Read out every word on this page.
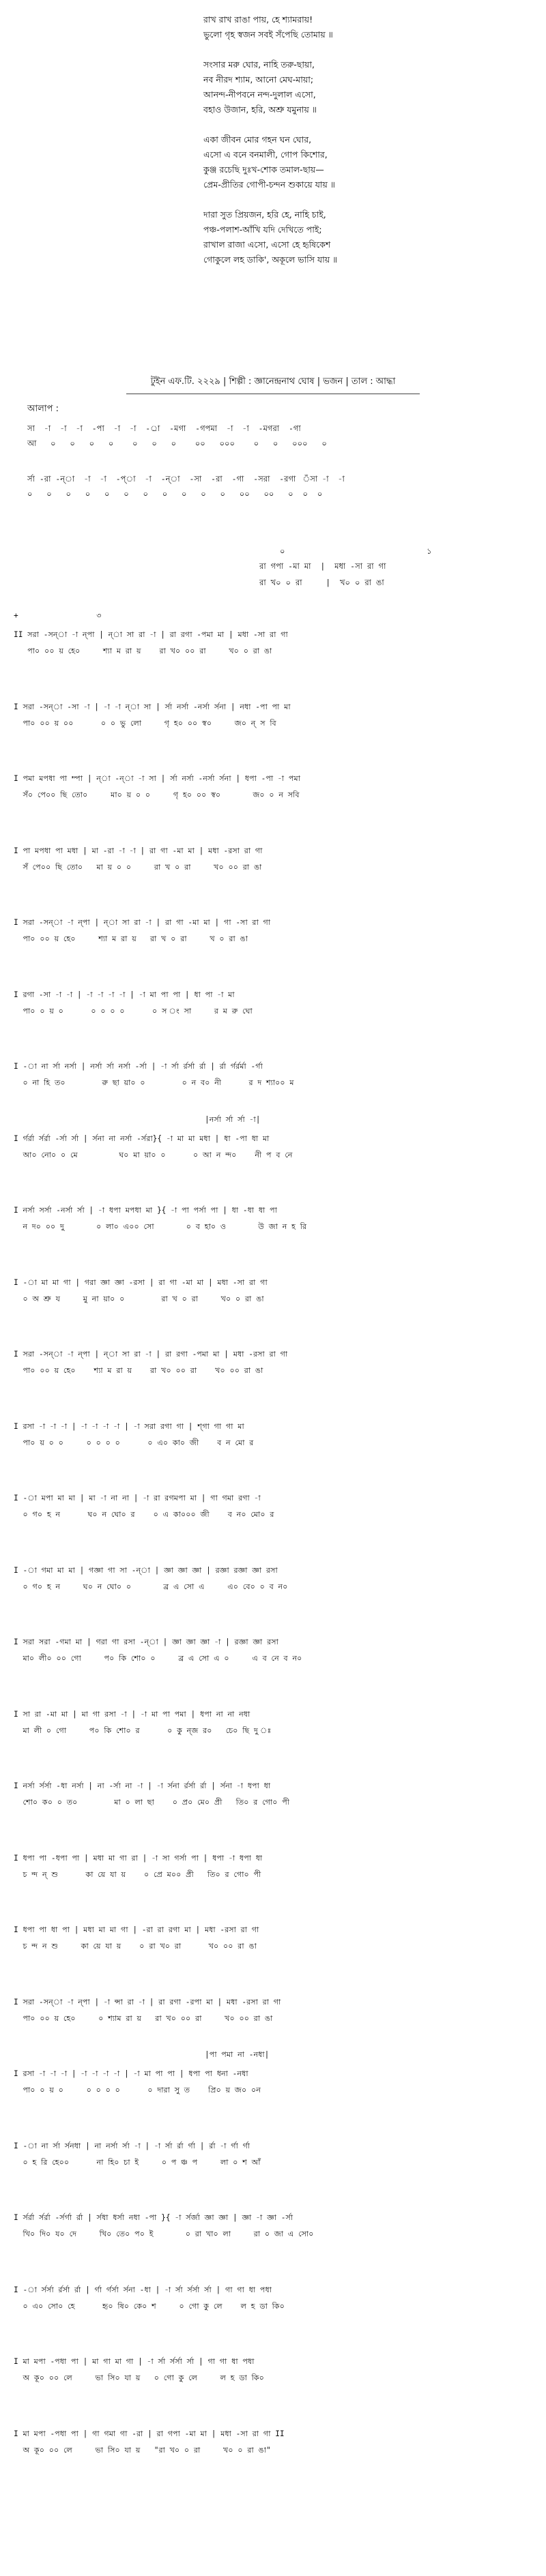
রাখ রাখ রাঙা পায়, হে শ্যামরায়!
ভুলো গৃহ স্বজন সবই সঁপেছি তোমায় ॥
সংসার মরু ঘোর, নাহি তরু-ছায়া,
নব নীরদ শ্যাম, আনো মেঘ-মায়া;
আনন্দ-নীপবনে নন্দ-দুলাল এসো,
বহাও উজান, হরি, অশ্রু যমুনায় ॥
একা জীবন মোর গহন ঘন ঘোর,
এসো এ বনে বনমালী, গোপ কিশোর,
কুঞ্জ রচেছি দুঃখ-শোক তমাল-ছায়—
প্রেম-প্রীতির গোপী-চন্দন শুকায়ে যায় ॥
দারা সুত প্রিয়জন, হরি হে, নাহি চাই,
পঞ্চ-পলাশ-আঁখি যদি দেখিতে পাই;
রাখাল রাজা এসো, এসো হে হৃষিকেশ
গোকুলে লহ ডাকি', অকূলে ভাসি যায় ॥
টুইন এফ.টি. ২২২৯ | শিল্পী : জ্ঞানেন্দ্রনাথ ঘোষ | ভজন | তাল : আদ্ধা
আলাপ :
সা  -া  -া  -া  -পা  -া  -া  -র্া  -মগা  -গপমা  -া  -া  -মগরা  -গা
আ   ০   ০   ০   ০    ০   ০   ০    ০০   ০০০    ০   ০   ০০০   ০
ৰ্সা -রা -ন্া  -া  -া  -প্া  -া  -ন্া  -সা  -রা  -গা  -সরা  -রগা  ঁসা -া  -া
০   ০   ০   ০   ০   ০   ০   ০   ০   ০   ০   ০০   ০০   ০  ০  ০
০                              ১
রা গপা -মা মা  |  মধা -সা রা গা
রা খ০ ০ রা     |  খ০ ০ রা ঙা
+                 ৩
II সরা -সন্া -া ন্পা | ন্া সা রা -া | রা রগা -পমা মা | মধা -সা রা গা
পা০ ০০ য় হে০     শ্যা ম রা য়    রা খ০ ০০ রা     খ০ ০ রা ঙা
I সরা -সন্া -সা -া | -া -া ন্া সা | র্সা নর্সা -নর্সা র্সনা | নধা -পা পা মা
পা০ ০০ য় ০০      ০ ০ ভু লো     গৃ হ০ ০০ স্ব০     জ০ ন্ স বি
I পমা মপধা পা ম্পা | ন্া -ন্া -া সা | র্সা নর্সা -নর্সা র্সনা | ধপা -পা -া পমা
সঁ০ পে০০ ছি তো০     মা০ য় ০ ০     গৃ হ০ ০০ স্ব০       জ০ ০ ন সবি
I পা মপধা পা মধা | মা -রা -া -া | রা গা -মা মা | মধা -রসা রা গা
সঁ পে০০ ছি তো০   মা য় ০ ০     রা খ ০ রা     খ০ ০০ রা ঙা
I সরা -সন্া -া ন্পা | ন্া সা রা -া | রা গা -মা মা | গা -সা রা গা
পা০ ০০ য় হে০     শ্যা ম রা য়   রা খ ০ রা     খ ০ রা ঙা
I রগা -সা -া -া | -া -া -া -া | -া মা পা পা | ধা পা -া মা
পা০ ০ য় ০      ০ ০ ০ ০      ০ স ং সা     র ম রু ঘো
I -া না র্সা নর্সা | নর্সা র্সা নর্সা -র্সা | -া র্সা র্রর্সা র্রা | র্রা র্গর্রর্মা -র্গা
০ না হি ত০        রু ছা য়া০ ০        ০ ন ব০ নী      র দ শ্যা০০ ম
|নর্সা র্সা র্সা -া|
I র্গর্রা র্সর্রা -র্সা র্সা | র্সনা না নর্সা -র্সরা}{ -া মা মা মধা | ধা -পা ধা মা
আ০ নো০ ০ মে         ঘ০ মা য়া০ ০      ০ আ ন ন্দ০    নী প ব নে
I নর্সা সর্সা -নর্সা র্সা | -া ধপা মপধা মা }{ -া পা পর্সা পা | ধা -ধা ধা পা
ন দ০ ০০ দু       ০ লা০ এ০০ সো       ০ ব হা০ ও       উ জা ন হ রি
I -া মা মা গা | গরা জ্ঞা জ্ঞা -রসা | রা গা -মা মা | মধা -সা রা গা
০ অ শ্রু য     মু না য়া০ ০        রা খ ০ রা     খ০ ০ রা ঙা
I সরা -সন্া -া ন্পা | ন্া সা রা -া | রা রগা -পমা মা | মধা -রসা রা গা
পা০ ০০ য় হে০    শ্যা ম রা য়    রা খ০ ০০ রা    খ০ ০০ রা ঙা
I রসা -া -া -া | -া -া -া -া | -া সরা রগা গা | শ্গা গা গা মা
পা০ য় ০ ০     ০ ০ ০ ০      ০ এ০ কা০ জী    ব ন মো র
I -া মপা মা মা | মা -া না না | -া রা রগমপা মা | গা গমা রগা -া
০ গ০ হ ন      ঘ০ ন ঘো০ র    ০ এ কা০০০ জী    ব ন০ মো০ র
I -া গমা মা মা | গজ্ঞা গা সা -ন্া | জ্ঞা জ্ঞা জ্ঞা | রজ্ঞা রজ্ঞা জ্ঞা রসা
০ গ০ হ ন     ঘ০ ন ঘো০ ০       ব্র এ সো এ     এ০ বে০ ০ ব ন০
I সরা সরা -গমা মা | গরা গা রসা -ন্া | জ্ঞা জ্ঞা জ্ঞা -া | রজ্ঞা জ্ঞা রসা
মা০ লী০ ০০ গো     প০ কি শো০ ০     ব্র এ সো এ ০     এ ব নে ব ন০
I সা রা -মা মা | মা গা রসা -া | -া মা পা পমা | ধপা না না নধা
মা লী ০ গো     প০ কি শো০ র      ০ কু ন্জ র০   চে০ ছি দু ঃ
I নর্সা র্সর্সা -ধা নর্সা | না -র্সা না -া | -া র্সনা র্রর্সা র্রা | র্সনা -া ধপা ধা
শো০ ক০ ০ ত০        মা ০ লা ছা    ০ প্র০ মে০ প্রী   তি০ র গো০ পী
I ধপা পা -ধপা পা | মধা মা গা রা | -া সা গর্সা পা | ধপা -া ধপা ধা
চ ন্দ ন্ শু      কা য়ে যা য়    ০ প্রে ম০০ প্রী   তি০ র গো০ পী
I ধপা পা ধা পা | মধা মা মা গা | -রা রা রগা মা | মধা -রসা রা গা
চ ন্দ ন শু     কা য়ে যা য়    ০ রা খ০ রা      খ০ ০০ রা ঙা
I সরা -সন্া -া ন্পা | -া ন্সা রা -া | রা রগা -রপা মা | মধা -রসা রা গা
পা০ ০০ য় হে০     ০ শ্যাম রা য়   রা খ০ ০০ রা     খ০ ০০ রা ঙা
|পা পমা না -নধা|
I রসা -া -া -া | -া -া -া -া | -া মা পা পা | ধপা পা ধনা -নধা
পা০ ০ য় ০     ০ ০ ০ ০      ০ দারা সু ত    প্রি০ য় জ০ ০ন
I -া না র্সা র্সনধা | না নর্সা র্সা -া | -া র্সা র্রা র্গা | র্রা -া র্গা র্গা
০ হ রি হে০০      না হি০ চা ই     ০ প ঞ্চ প     লা ০ শ আঁ
I র্সর্রা র্সর্রা -র্সর্গা র্রা | র্সধা ধর্সা নধা -পা }{ -া র্সর্জা জ্ঞা জ্ঞা | জ্ঞা -া জ্ঞা -র্সা
খি০ দি০ য০ দে     খি০ তে০ প০ ই       ০ রা খা০ লা     রা ০ জা এ সো০
I -া র্সর্সা র্রর্সা র্রা | র্গা র্গর্সা র্সনা -ধা | -া র্সা র্সর্সা র্সা | গা গা ধা পধা
০ এ০ সো০ হে      হৃ০ ষি০ কে০ শ     ০ গো কু লে    ল হ ডা কি০
I মা মপা -পধা পা | মা গা মা গা | -া র্সা র্সর্সা র্সা | গা গা ধা পধা
অ কূ০ ০০ লে     ভা সি০ যা য়   ০ গো কু লে     ল হ ডা কি০
I মা মপা -পধা পা | গা গমা গা -রা | রা গপা -মা মা | মধা -সা রা গা II
অ কূ০ ০০ লে     ভা সি০ যা য়   "রা খ০ ০ রা     খ০ ০ রা ঙা"
